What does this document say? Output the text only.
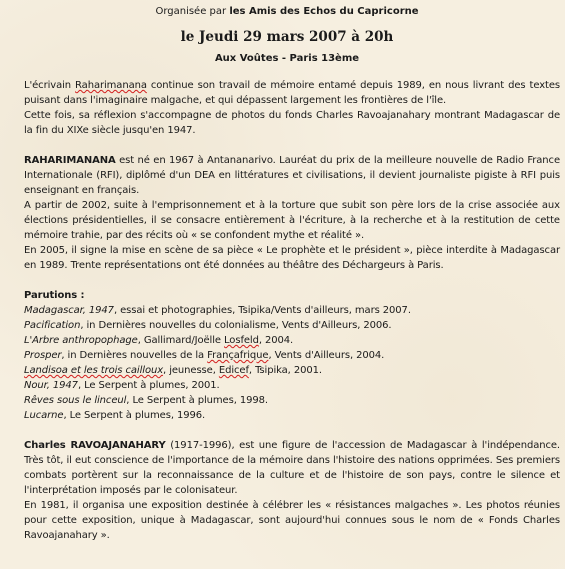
Organisée par les Amis des Echos du Capricorne
le Jeudi 29 mars 2007 à 20h
Aux Voûtes - Paris 13ème

L'écrivain Raharimanana continue son travail de mémoire entamé depuis 1989, en nous livrant des textes puisant dans l'imaginaire malgache, et qui dépassent largement les frontières de l'île.

Cette fois, sa réflexion s'accompagne de photos du fonds Charles Ravoajanahary montrant Madagascar de la fin du XIXe siècle jusqu'en 1947.

RAHARIMANANA est né en 1967 à Antananarivo. Lauréat du prix de la meilleure nouvelle de Radio France Internationale (RFI), diplômé d'un DEA en littératures et civilisations, il devient journaliste pigiste à RFI puis enseignant en français.

A partir de 2002, suite à l'emprisonnement et à la torture que subit son père lors de la crise associée aux élections présidentielles, il se consacre entièrement à l'écriture, à la recherche et à la restitution de cette mémoire trahie, par des récits où « se confondent mythe et réalité ».

En 2005, il signe la mise en scène de sa pièce « Le prophète et le président », pièce interdite à Madagascar en 1989. Trente représentations ont été données au théâtre des Déchargeurs à Paris.

Parutions :

Madagascar, 1947, essai et photographies, Tsipika/Vents d'ailleurs, mars 2007.

Pacification, in Dernières nouvelles du colonialisme, Vents d'Ailleurs, 2006.

L'Arbre anthropophage, Gallimard/Joëlle Losfeld, 2004.

Prosper, in Dernières nouvelles de la Françafrique, Vents d'Ailleurs, 2004.

Landisoa et les trois cailloux, jeunesse, Edicef, Tsipika, 2001.

Nour, 1947, Le Serpent à plumes, 2001.

Rêves sous le linceul, Le Serpent à plumes, 1998.

Lucarne, Le Serpent à plumes, 1996.

Charles RAVOAJANAHARY (1917-1996), est une figure de l'accession de Madagascar à l'indépendance. Très tôt, il eut conscience de l'importance de la mémoire dans l'histoire des nations opprimées. Ses premiers combats portèrent sur la reconnaissance de la culture et de l'histoire de son pays, contre le silence et l'interprétation imposés par le colonisateur.

En 1981, il organisa une exposition destinée à célébrer les « résistances malgaches ». Les photos réunies pour cette exposition, unique à Madagascar, sont aujourd'hui connues sous le nom de « Fonds Charles Ravoajanahary ».
